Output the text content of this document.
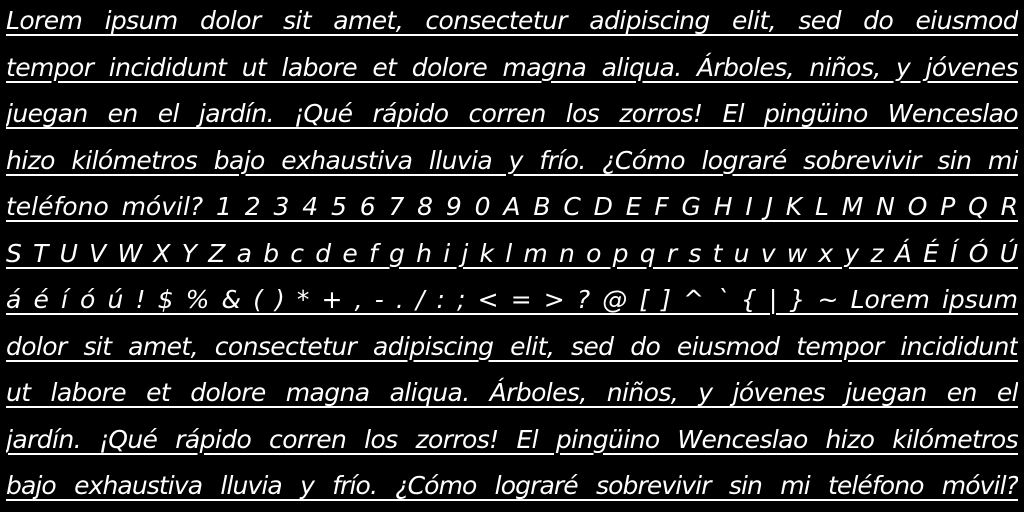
Lorem ipsum dolor sit amet, consectetur adipiscing elit, sed do eiusmod
tempor incididunt ut labore et dolore magna aliqua. Árboles, niños, y jóvenes
juegan en el jardín. ¡Qué rápido corren los zorros! El pingüino Wenceslao
hizo kilómetros bajo exhaustiva lluvia y frío. ¿Cómo lograré sobrevivir sin mi
teléfono móvil? 1 2 3 4 5 6 7 8 9 0 A B C D E F G H I J K L M N O P Q R
S T U V W X Y Z a b c d e f g h i j k l m n o p q r s t u v w x y z Á É Í Ó Ú
á é í ó ú ! $ % & ( ) * + , - . / : ; < = > ? @ [ ] ^ ` { | } ~ Lorem ipsum
dolor sit amet, consectetur adipiscing elit, sed do eiusmod tempor incididunt
ut labore et dolore magna aliqua. Árboles, niños, y jóvenes juegan en el
jardín. ¡Qué rápido corren los zorros! El pingüino Wenceslao hizo kilómetros
bajo exhaustiva lluvia y frío. ¿Cómo lograré sobrevivir sin mi teléfono móvil?
